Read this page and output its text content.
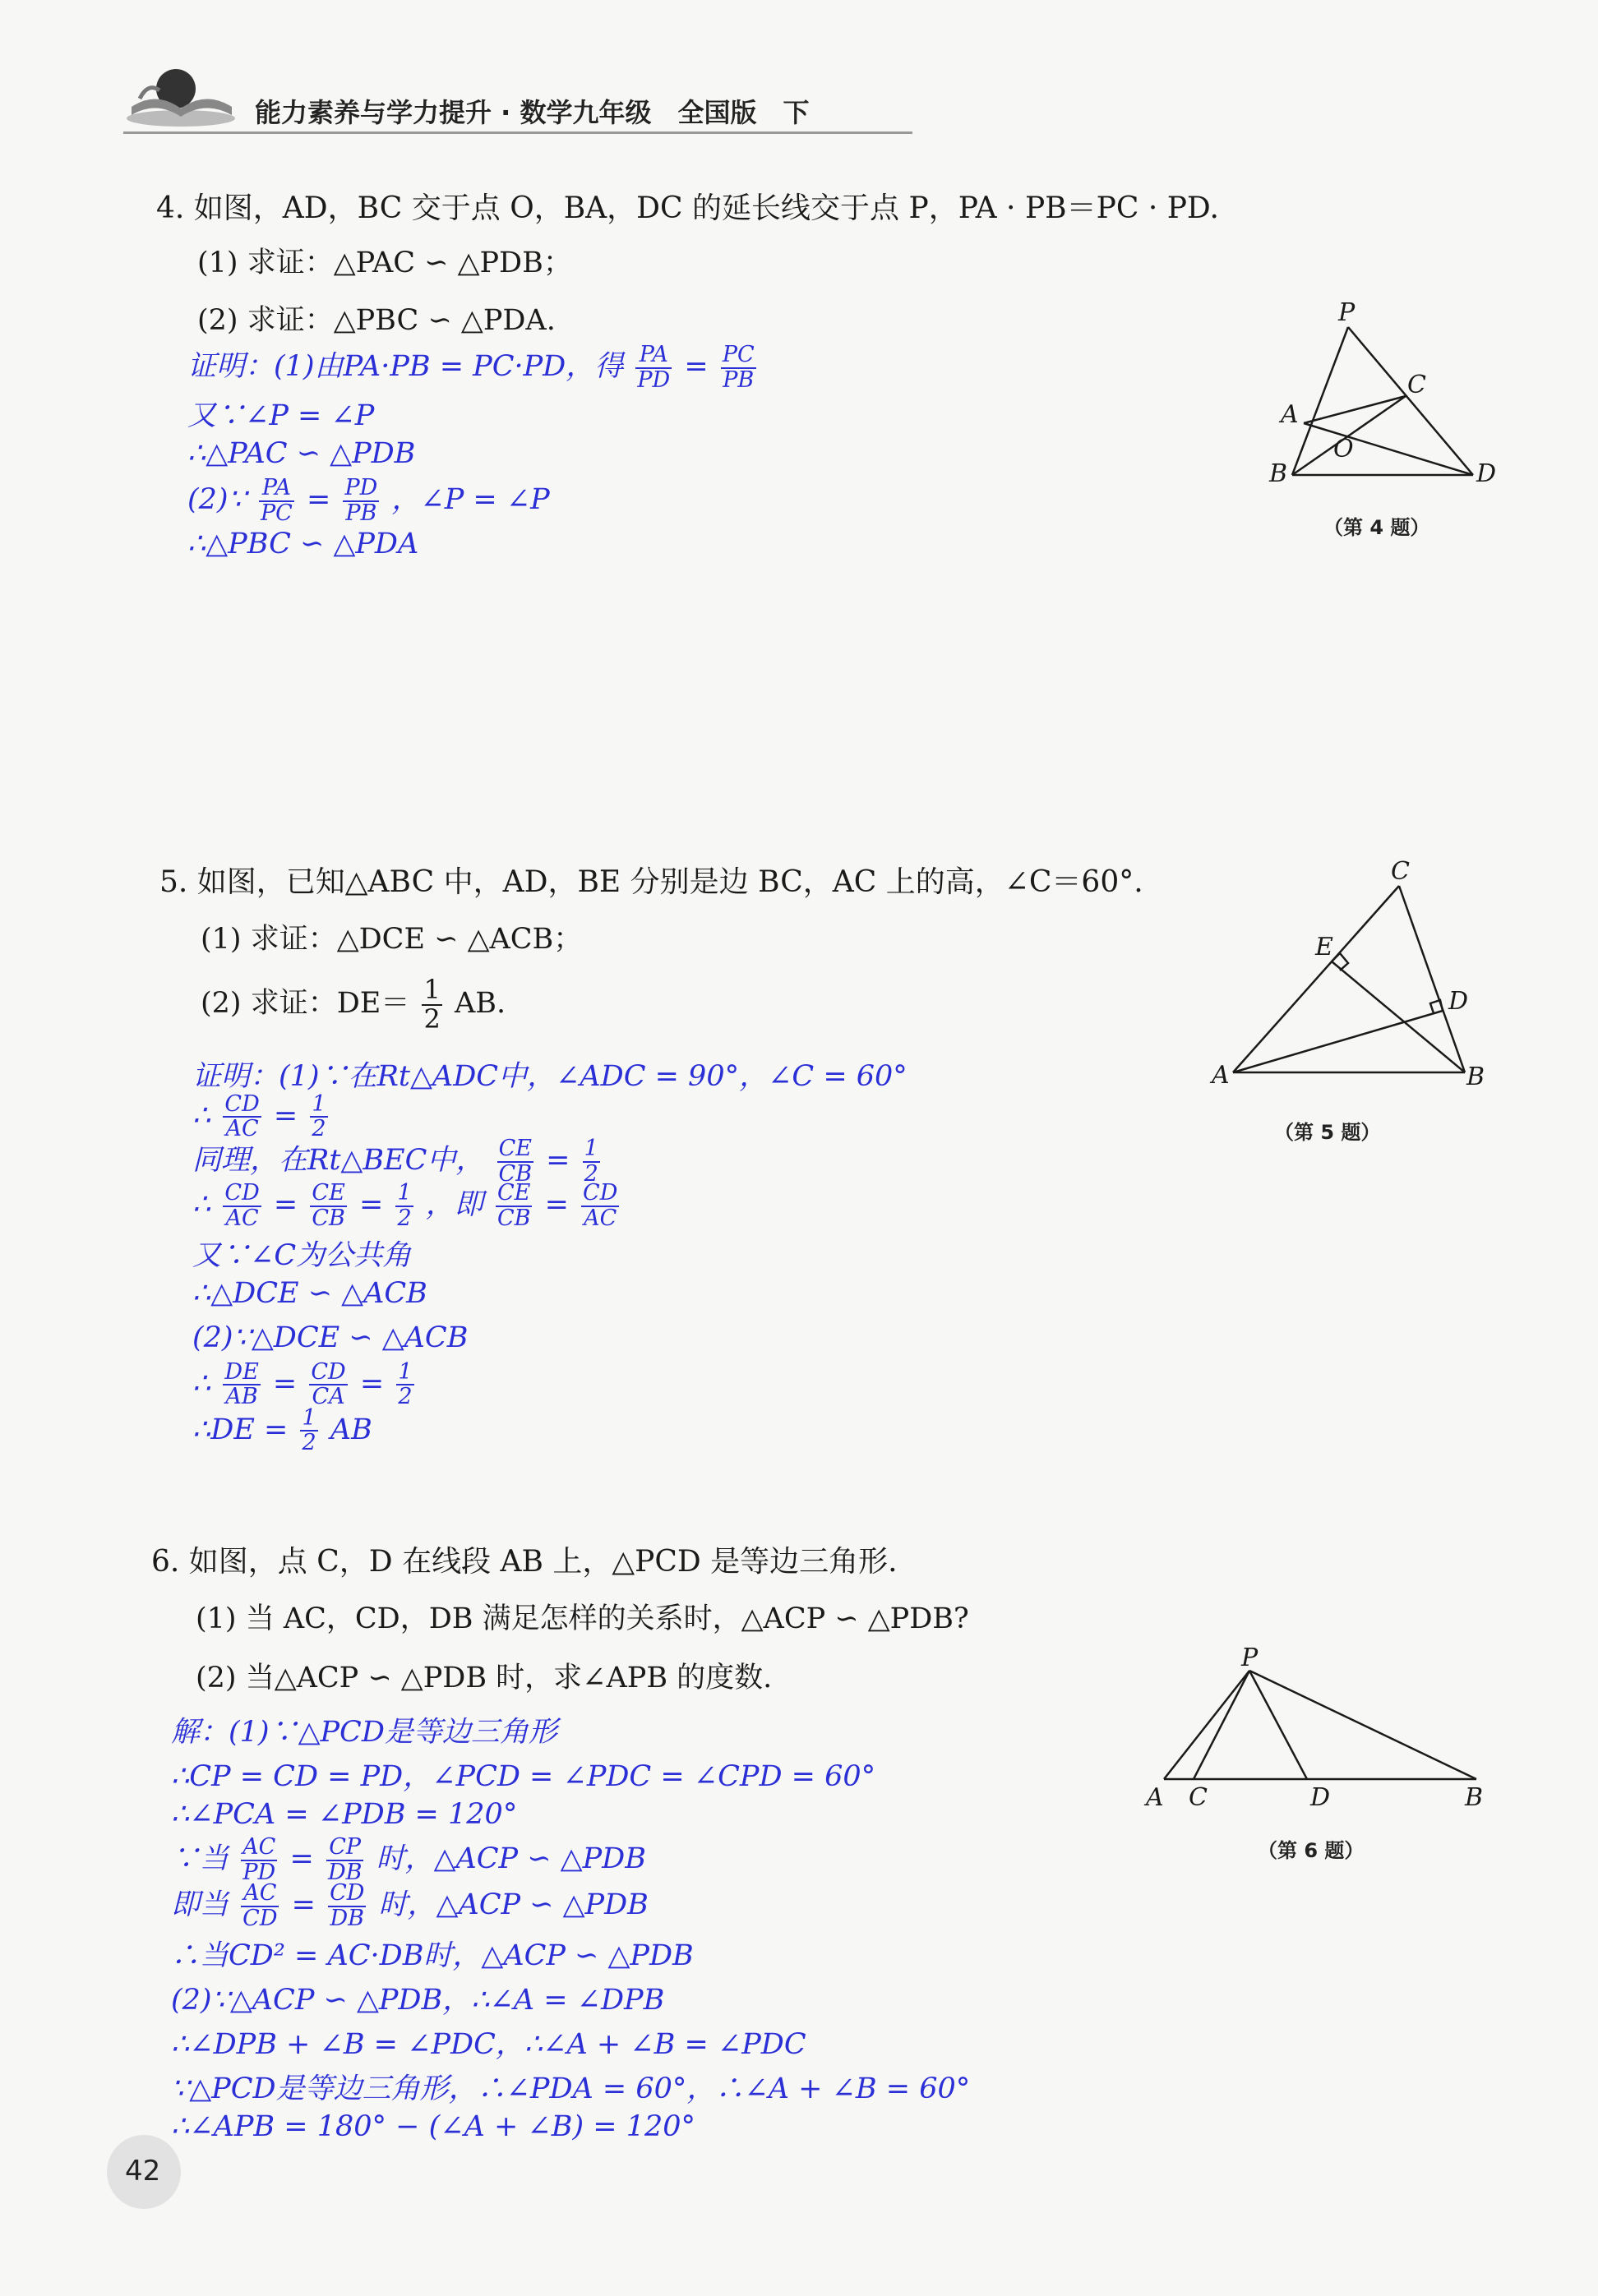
能力素养与学力提升 · 数学九年级　全国版　下
4. 如图，AD，BC 交于点 O，BA，DC 的延长线交于点 P，PA · PB＝PC · PD.
(1) 求证：△PAC ∽ △PDB；
(2) 求证：△PBC ∽ △PDA.
证明：(1)由PA·PB = PC·PD，得 $\frac{PA}{PD} = \frac{PC}{PB}$
又∵∠P = ∠P
∴△PAC ∽ △PDB
(2)∵ $\frac{PA}{PC} = \frac{PD}{PB}$ ，∠P = ∠P
∴△PBC ∽ △PDA
P
C
A
O
B	D
（第 4 题）
5. 如图，已知△ABC 中，AD，BE 分别是边 BC，AC 上的高，∠C＝60°.
(1) 求证：△DCE ∽ △ACB；
(2) 求证：$DE= \frac{1}{2}$ AB.
证明：(1)∵在Rt△ADC中，∠ADC = 90°，∠C = 60°
∴ $\frac{CD}{AC} = \frac{1}{2}$
同理，在Rt△BEC中， $\frac{CE}{CB} = \frac{1}{2}$
∴ $\frac{CD}{AC} = \frac{CE}{CB} = \frac{1}{2}$ ，即 $\frac{CE}{CB} = \frac{CD}{AC}$
又∵∠C为公共角
∴△DCE ∽ △ACB
(2)∵△DCE ∽ △ACB
∴ $\frac{DE}{AB} = \frac{CD}{CA} = \frac{1}{2}$
∴DE = $\frac{1}{2}$ AB
C
E
D
A	B
（第 5 题）
6. 如图，点 C，D 在线段 AB 上，△PCD 是等边三角形.
(1) 当 AC，CD，DB 满足怎样的关系时，△ACP ∽ △PDB?
(2) 当△ACP ∽ △PDB 时，求∠APB 的度数.
解：(1)∵△PCD是等边三角形
∴CP = CD = PD，∠PCD = ∠PDC = ∠CPD = 60°
∴∠PCA = ∠PDB = 120°
∵当 $\frac{AC}{PD} = \frac{CP}{DB}$ 时，△ACP ∽ △PDB
即当 $\frac{AC}{CD} = \frac{CD}{DB}$ 时，△ACP ∽ △PDB
∴当CD² = AC·DB时，△ACP ∽ △PDB
(2)∵△ACP ∽ △PDB，∴∠A = ∠DPB
∴∠DPB + ∠B = ∠PDC，∴∠A + ∠B = ∠PDC
∵△PCD是等边三角形，∴∠PDA = 60°，∴∠A + ∠B = 60°
∴∠APB = 180° − (∠A + ∠B) = 120°
P
A C	D	B
（第 6 题）
42
